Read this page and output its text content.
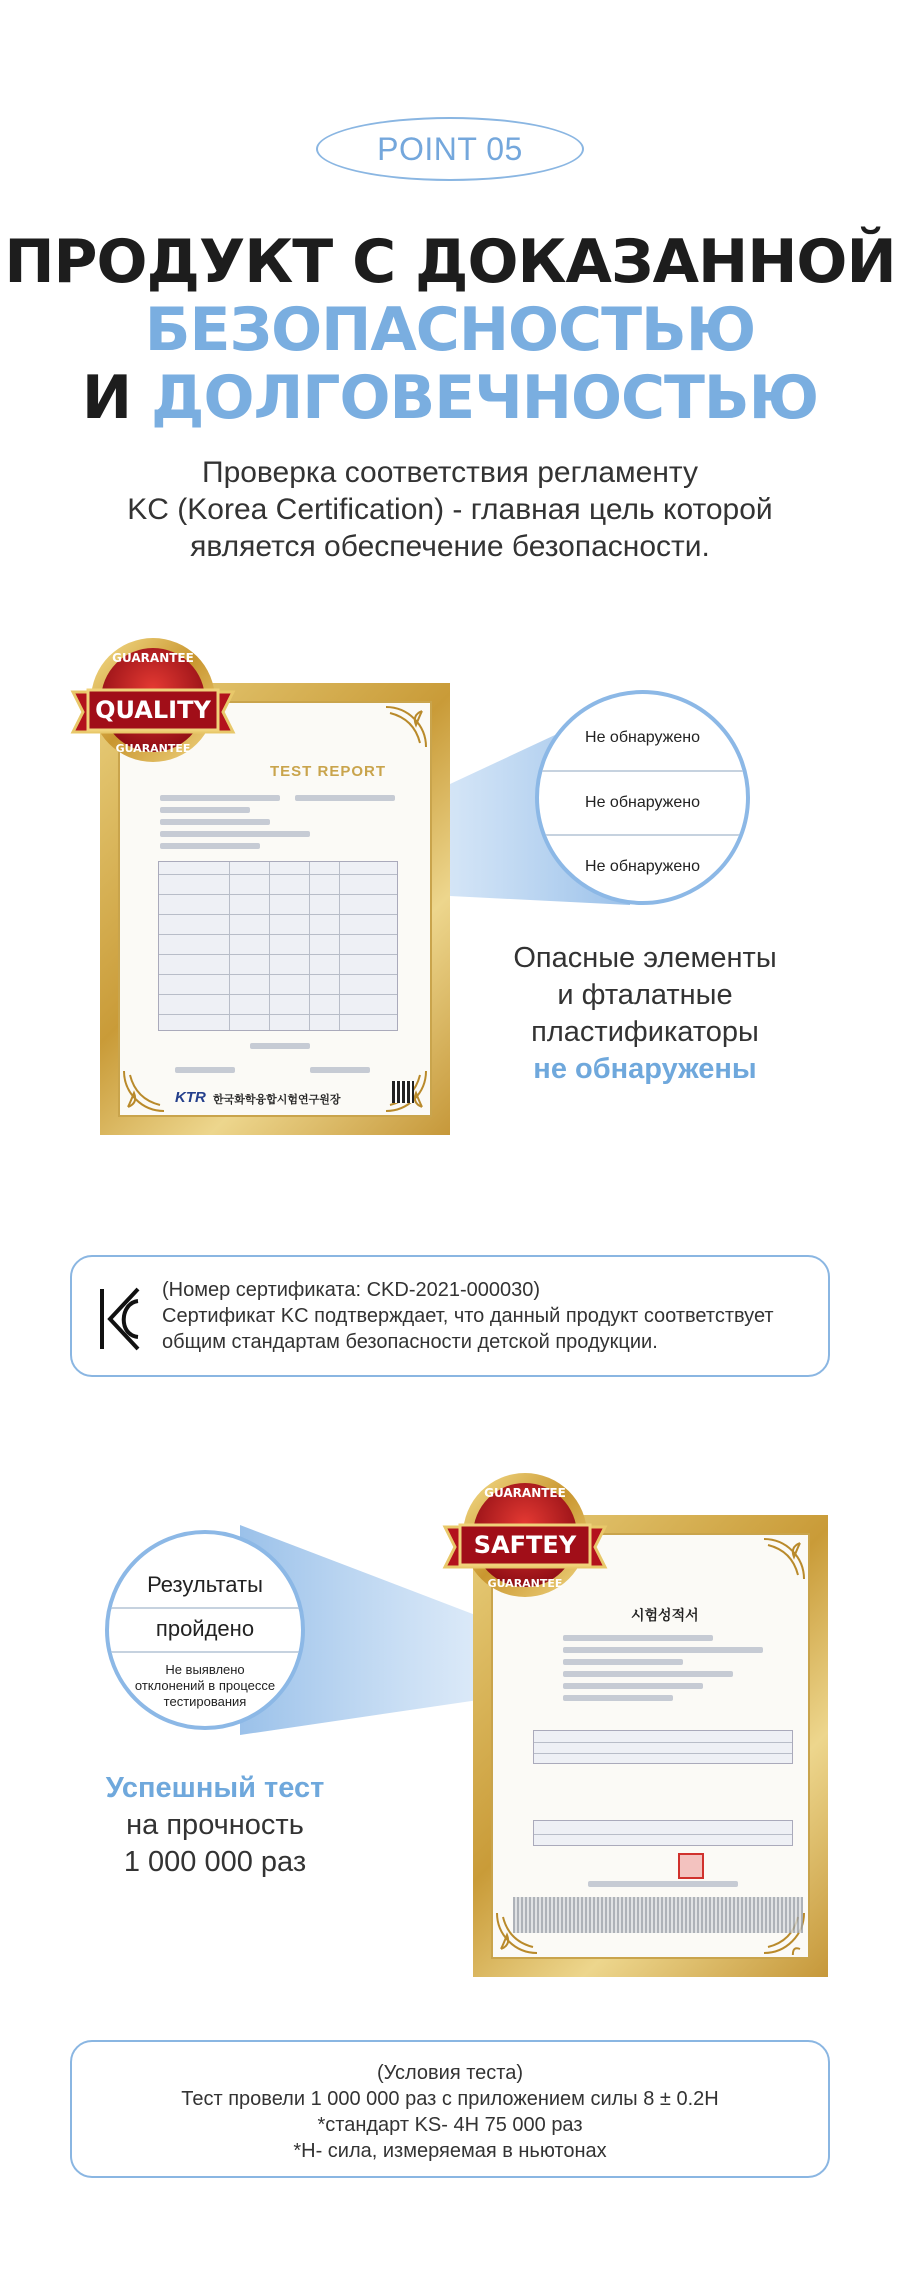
POINT 05
ПРОДУКТ С ДОКАЗАННОЙ
БЕЗОПАСНОСТЬЮ
И ДОЛГОВЕЧНОСТЬЮ
Проверка соответствия регламенту
KC (Korea Certification) - главная цель которой
является обеспечение безопасности.
TEST REPORT
KTR 한국화학융합시험연구원장
QUALITY
GUARANTEE
GUARANTEE
Не обнаружено
Не обнаружено
Не обнаружено
Опасные элементы
и фталатные
пластификаторы
не обнаружены
(Номер сертификата: CKD-2021-000030)
Сертификат KC подтверждает, что данный продукт соответствует
общим стандартам безопасности детской продукции.
시험성적서
SAFTEY
GUARANTEE
GUARANTEE
Результаты
пройдено
Не выявлено
отклонений в процессе
тестирования
Успешный тест
на прочность
1 000 000 раз
(Условия теста)
Тест провели 1 000 000 раз с приложением силы 8 ± 0.2H
*стандарт KS- 4H 75 000 раз
*H- сила, измеряемая в ньютонах
